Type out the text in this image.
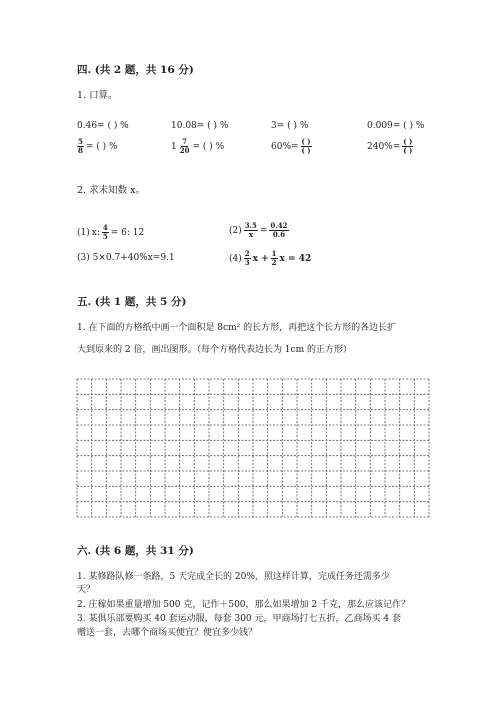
四. (共 2 题，共 16 分)
1. 口算。
0.46= ( ) %	10.08= ( ) %	3= ( ) %	0.009= ( ) %
$\frac{5}{8}$ = ( ) %	$1 \frac{7}{20}$ = ( ) %	$60\%= \frac{( )}{( )}$	$240\%= \frac{( )}{( )}$
2. 求未知数 x。
(1) x: $\frac{4}{5} = 6$: 12	$(2) \frac{3.5}{x} = \frac{0.42}{0.6}$
(3) 5×0.7+40%x=9.1	$(4) \frac{2}{3}$ $x + \frac{1}{2}$ x = 42
五. (共 1 题，共 5 分)
1. 在下面的方格纸中画一个面积是 8cm² 的长方形，再把这个长方形的各边长扩
大到原来的 2 倍，画出图形。（每个方格代表边长为 1cm 的正方形）
六. (共 6 题，共 31 分)
1. 某修路队修一条路，5 天完成全长的 20%，照这样计算，完成任务还需多少
天？
2. 庄稼如果重量增加 500 克，记作＋500，那么如果增加 2 千克，那么应该记作？
3. 某俱乐部要购买 40 套运动服，每套 300 元，甲商场打七五折，乙商场买 4 套
赠送一套，去哪个商场买便宜？便宜多少钱？
